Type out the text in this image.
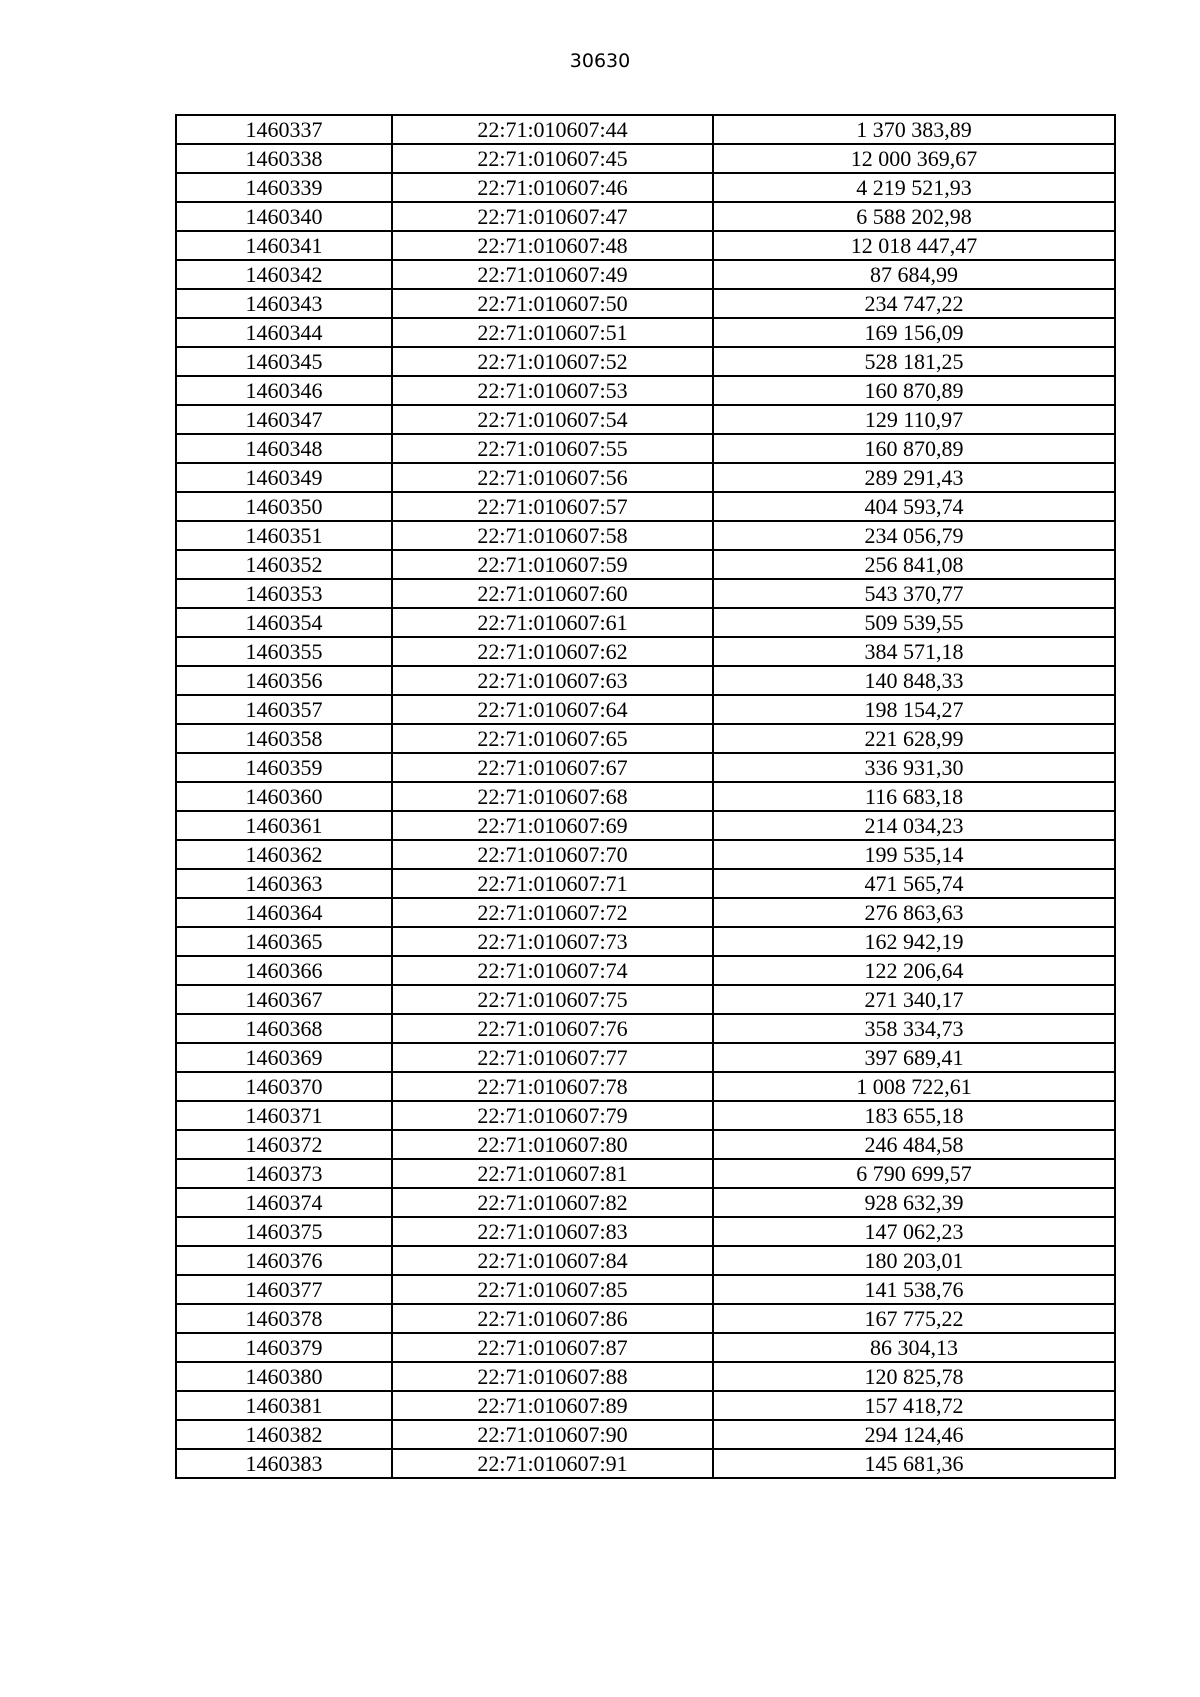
30630
1460337	22:71:010607:44	1 370 383,89
1460338	22:71:010607:45	12 000 369,67
1460339	22:71:010607:46	4 219 521,93
1460340	22:71:010607:47	6 588 202,98
1460341	22:71:010607:48	12 018 447,47
1460342	22:71:010607:49	87 684,99
1460343	22:71:010607:50	234 747,22
1460344	22:71:010607:51	169 156,09
1460345	22:71:010607:52	528 181,25
1460346	22:71:010607:53	160 870,89
1460347	22:71:010607:54	129 110,97
1460348	22:71:010607:55	160 870,89
1460349	22:71:010607:56	289 291,43
1460350	22:71:010607:57	404 593,74
1460351	22:71:010607:58	234 056,79
1460352	22:71:010607:59	256 841,08
1460353	22:71:010607:60	543 370,77
1460354	22:71:010607:61	509 539,55
1460355	22:71:010607:62	384 571,18
1460356	22:71:010607:63	140 848,33
1460357	22:71:010607:64	198 154,27
1460358	22:71:010607:65	221 628,99
1460359	22:71:010607:67	336 931,30
1460360	22:71:010607:68	116 683,18
1460361	22:71:010607:69	214 034,23
1460362	22:71:010607:70	199 535,14
1460363	22:71:010607:71	471 565,74
1460364	22:71:010607:72	276 863,63
1460365	22:71:010607:73	162 942,19
1460366	22:71:010607:74	122 206,64
1460367	22:71:010607:75	271 340,17
1460368	22:71:010607:76	358 334,73
1460369	22:71:010607:77	397 689,41
1460370	22:71:010607:78	1 008 722,61
1460371	22:71:010607:79	183 655,18
1460372	22:71:010607:80	246 484,58
1460373	22:71:010607:81	6 790 699,57
1460374	22:71:010607:82	928 632,39
1460375	22:71:010607:83	147 062,23
1460376	22:71:010607:84	180 203,01
1460377	22:71:010607:85	141 538,76
1460378	22:71:010607:86	167 775,22
1460379	22:71:010607:87	86 304,13
1460380	22:71:010607:88	120 825,78
1460381	22:71:010607:89	157 418,72
1460382	22:71:010607:90	294 124,46
1460383	22:71:010607:91	145 681,36
